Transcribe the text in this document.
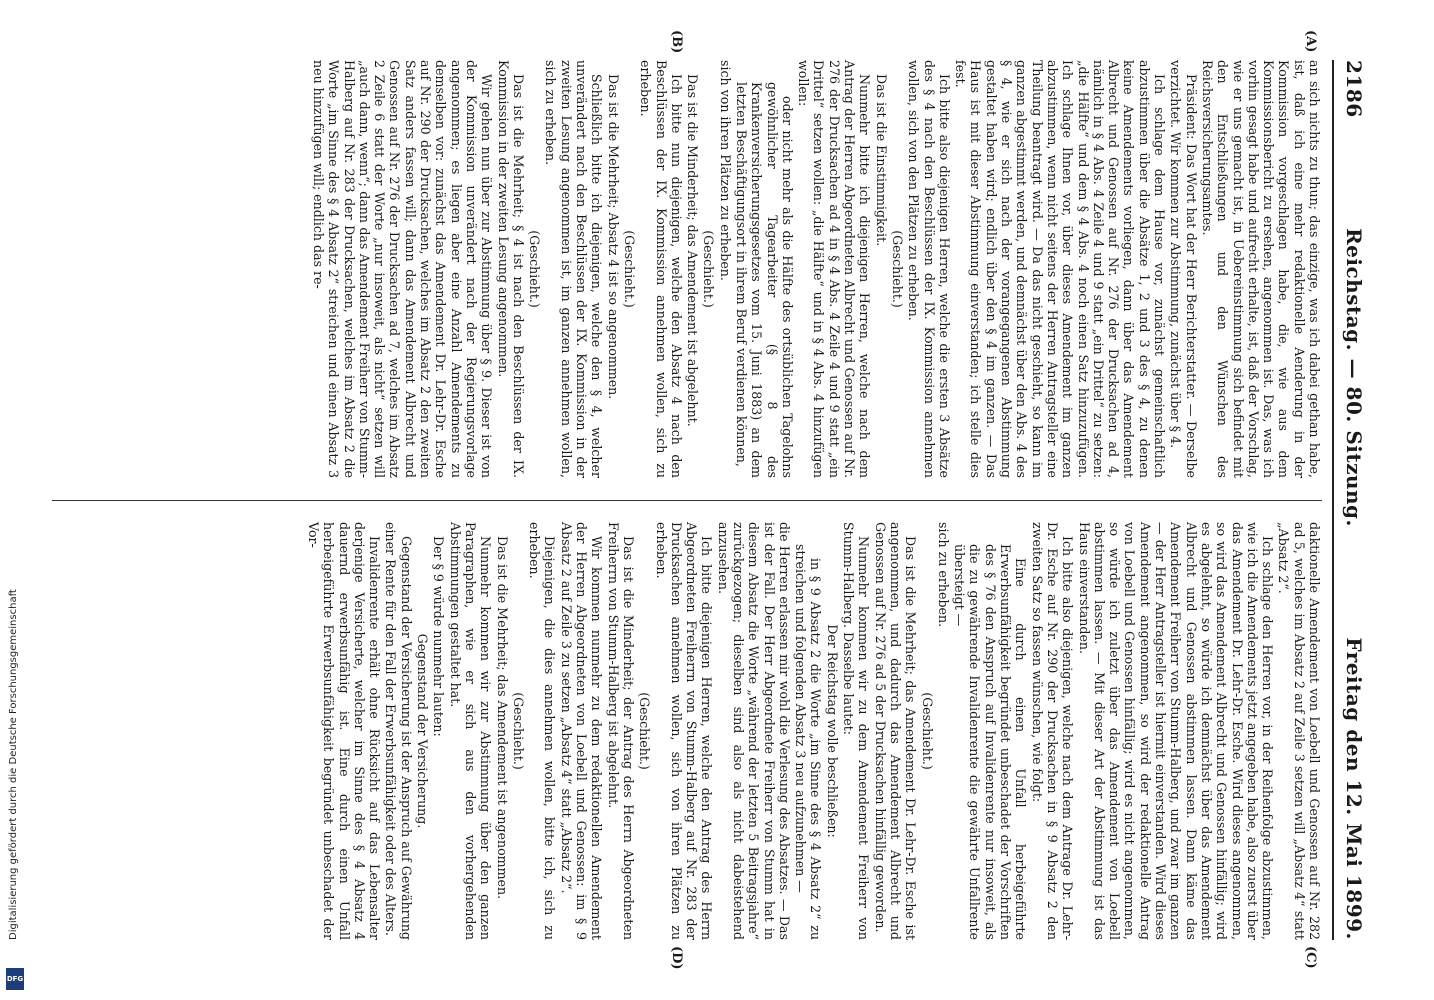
2186
Reichstag. — 80. Sitzung.
Freitag den 12. Mai 1899.
(A)
(B)
(C)
(D)

an sich nichts zu thun; das einzige, was ich dabei gethan habe, ist, daß ich eine mehr redaktionelle Aenderung in der Kommission vorgeschlagen habe, die, wie aus dem Kommissionsbericht zu ersehen, angenommen ist. Das, was ich vorhin gesagt habe und aufrecht erhalte, ist, daß der Vorschlag, wie er uns gemacht ist, in Uebereinstimmung sich befindet mit den Entschließungen und den Wünschen des Reichsversicherungsamtes.

Präsident: Das Wort hat der Herr Berichterstatter. — Derselbe verzichtet. Wir kommen zur Abstimmung, zunächst über § 4.

Ich schlage dem Hause vor, zunächst gemeinschaftlich abzustimmen über die Absätze 1, 2 und 3 des § 4, zu denen keine Amendements vorliegen, dann über das Amendement Albrecht und Genossen auf Nr. 276 der Drucksachen ad 4, nämlich in § 4 Abs. 4 Zeile 4 und 9 statt „ein Drittel“ zu setzen: „die Hälfte“ und dem § 4 Abs. 4 noch einen Satz hinzuzufügen. Ich schlage Ihnen vor, über dieses Amendement im ganzen abzustimmen, wenn nicht seitens der Herren Antragsteller eine Theilung beantragt wird. — Da das nicht geschieht, so kann im ganzen abgestimmt werden, und demnächst über den Abs. 4 des § 4, wie er sich nach der vorangegangenen Abstimmung gestaltet haben wird; endlich über den § 4 im ganzen. — Das Haus ist mit dieser Abstimmung einverstanden; ich stelle dies fest.

Ich bitte also diejenigen Herren, welche die ersten 3 Absätze des § 4 nach den Beschlüssen der IX. Kommission annehmen wollen, sich von den Plätzen zu erheben.

(Geschieht.)

Das ist die Einstimmigkeit.

Nunmehr bitte ich diejenigen Herren, welche nach dem Antrag der Herren Abgeordneten Albrecht und Genossen auf Nr. 276 der Drucksachen ad 4 in § 4 Abs. 4 Zeile 4 und 9 statt „ein Drittel“ setzen wollen: „die Hälfte“ und in § 4 Abs. 4 hinzufügen wollen:

oder nicht mehr als die Hälfte des ortsüblichen Tagelohns gewöhnlicher Tagearbeiter (§ 8 des Krankenversicherungsgesetzes vom 15. Juni 1883) an dem letzten Beschäftigungsort in ihrem Beruf verdienen können,

sich von ihren Plätzen zu erheben.

(Geschieht.)

Das ist die Minderheit; das Amendement ist abgelehnt.

Ich bitte nun diejenigen, welche den Absatz 4 nach den Beschlüssen der IX. Kommission annehmen wollen, sich zu erheben.

(Geschieht.)

Das ist die Mehrheit; Absatz 4 ist so angenommen.

Schließlich bitte ich diejenigen, welche den § 4, welcher unverändert nach den Beschlüssen der IX. Kommission in der zweiten Lesung angenommen ist, im ganzen annehmen wollen, sich zu erheben.

(Geschieht.)

Das ist die Mehrheit; § 4 ist nach den Beschlüssen der IX. Kommission in der zweiten Lesung angenommen.

Wir gehen nun über zur Abstimmung über § 9. Dieser ist von der Kommission unverändert nach der Regierungsvorlage angenommen; es liegen aber eine Anzahl Amendements zu demselben vor: zunächst das Amendement Dr. Lehr-Dr. Esche auf Nr. 290 der Drucksachen, welches im Absatz 2 den zweiten Satz anders fassen will; dann das Amendement Albrecht und Genossen auf Nr. 276 der Drucksachen ad 7, welches im Absatz 2 Zeile 6 statt der Worte „nur insoweit, als nicht“ setzen will „auch dann, wenn“; dann das Amendement Freiherr von Stumm-Halberg auf Nr. 283 der Drucksachen, welches im Absatz 2 die Worte „im Sinne des § 4 Absatz 2“ streichen und einen Absatz 3 neu hinzufügen will; endlich das re-

daktionelle Amendement von Loebell und Genossen auf Nr. 282 ad 5, welches im Absatz 2 auf Zeile 3 setzen will „Absatz 4“ statt „Absatz 2“.

Ich schlage den Herren vor, in der Reihenfolge abzustimmen, wie ich die Amendements jetzt angegeben habe, also zuerst über das Amendement Dr. Lehr-Dr. Esche. Wird dieses angenommen, so wird das Amendement Albrecht und Genossen hinfällig; wird es abgelehnt, so würde ich demnächst über das Amendement Albrecht und Genossen abstimmen lassen. Dann käme das Amendement Freiherr von Stumm-Halberg, und zwar im ganzen — der Herr Antragsteller ist hiermit einverstanden. Wird dieses Amendement angenommen, so wird der redaktionelle Antrag von Loebell und Genossen hinfällig; wird es nicht angenommen, so würde ich zuletzt über das Amendement von Loebell abstimmen lassen. — Mit dieser Art der Abstimmung ist das Haus einverstanden.

Ich bitte also diejenigen, welche nach dem Antrage Dr. Lehr-Dr. Esche auf Nr. 290 der Drucksachen in § 9 Absatz 2 den zweiten Satz so fassen wünschen, wie folgt:

Eine durch einen Unfall herbeigeführte Erwerbsunfähigkeit begründet unbeschadet der Vorschriften des § 76 den Anspruch auf Invalidenrente nur insoweit, als die zu gewährende Invalidenrente die gewährte Unfallrente übersteigt —

sich zu erheben.

(Geschieht.)

Das ist die Mehrheit; das Amendement Dr. Lehr-Dr. Esche ist angenommen, und dadurch das Amendement Albrecht und Genossen auf Nr. 276 ad 5 der Drucksachen hinfällig geworden.

Nunmehr kommen wir zu dem Amendement Freiherr von Stumm-Halberg. Dasselbe lautet:

Der Reichstag wolle beschließen:

in § 9 Absatz 2 die Worte „im Sinne des § 4 Absatz 2“ zu streichen und folgenden Absatz 3 neu aufzunehmen —

die Herren erlassen mir wohl die Verlesung des Absatzes. — Das ist der Fall. Der Herr Abgeordnete Freiherr von Stumm hat in diesem Absatz die Worte „während der letzten 5 Beitragsjahre“ zurückgezogen; dieselben sind also als nicht dabeistehend anzusehen.

Ich bitte diejenigen Herren, welche den Antrag des Herrn Abgeordneten Freiherrn von Stumm-Halberg auf Nr. 283 der Drucksachen annehmen wollen, sich von ihren Plätzen zu erheben.

(Geschieht.)

Das ist die Minderheit; der Antrag des Herrn Abgeordneten Freiherrn von Stumm-Halberg ist abgelehnt.

Wir kommen nunmehr zu dem redaktionellen Amendement der Herren Abgeordneten von Loebell und Genossen: im § 9 Absatz 2 auf Zeile 3 zu setzen „Absatz 4“ statt „Absatz 2“.

Diejenigen, die dies annehmen wollen, bitte ich, sich zu erheben.

(Geschieht.)

Das ist die Mehrheit; das Amendement ist angenommen.

Nunmehr kommen wir zur Abstimmung über den ganzen Paragraphen, wie er sich aus den vorhergehenden Abstimmungen gestaltet hat.

Der § 9 würde nunmehr lauten:

Gegenstand der Versicherung.

Gegenstand der Versicherung ist der Anspruch auf Gewährung einer Rente für den Fall der Erwerbsunfähigkeit oder des Alters.

Invalidenrente erhält ohne Rücksicht auf das Lebensalter derjenige Versicherte, welcher im Sinne des § 4 Absatz 4 dauernd erwerbsunfähig ist. Eine durch einen Unfall herbeigeführte Erwerbsunfähigkeit begründet unbeschadet der Vor-

Digitalisierung gefördert durch die Deutsche Forschungsgemeinschaft
DFG
